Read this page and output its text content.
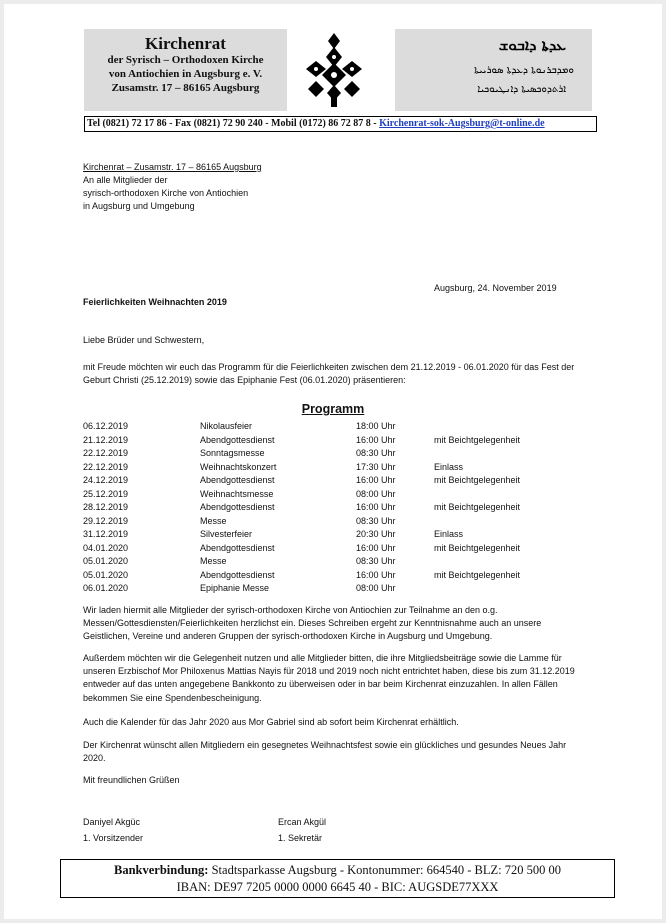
Kirchenrat
der Syrisch – Orthodoxen Kirche
von Antiochien in Augsburg e. V.
Zusamstr. 17 – 86165 Augsburg
ܥܕܬܐ ܕܐܒܘܫ
ܘܡܕܒܪܢܘܬܐ ܕܥܕܬܐ ܣܘܪܝܝܬܐ
ܐܪܬܕܘܟܣܝܬܐ ܕܐܢܛܝܘܟܝܐ
Tel (0821) 72 17 86 - Fax (0821) 72 90 240 - Mobil (0172) 86 72 87 8 - Kirchenrat-sok-Augsburg@t-online.de
Kirchenrat – Zusamstr. 17 – 86165 Augsburg
An alle Mitglieder der
syrisch-orthodoxen Kirche von Antiochien
in Augsburg und Umgebung
Augsburg, 24. November 2019
Feierlichkeiten Weihnachten 2019
Liebe Brüder und Schwestern,
mit Freude möchten wir euch das Programm für die Feierlichkeiten zwischen dem 21.12.2019 - 06.01.2020 für das Fest der Geburt Christi (25.12.2019) sowie das Epiphanie Fest (06.01.2020) präsentieren:
Programm
06.12.2019	Nikolausfeier	18:00 Uhr
21.12.2019	Abendgottesdienst	16:00 Uhr	mit Beichtgelegenheit
22.12.2019	Sonntagsmesse	08:30 Uhr
22.12.2019	Weihnachtskonzert	17:30 Uhr	Einlass
24.12.2019	Abendgottesdienst	16:00 Uhr	mit Beichtgelegenheit
25.12.2019	Weihnachtsmesse	08:00 Uhr
28.12.2019	Abendgottesdienst	16:00 Uhr	mit Beichtgelegenheit
29.12.2019	Messe	08:30 Uhr
31.12.2019	Silvesterfeier	20:30 Uhr	Einlass
04.01.2020	Abendgottesdienst	16:00 Uhr	mit Beichtgelegenheit
05.01.2020	Messe	08:30 Uhr
05.01.2020	Abendgottesdienst	16:00 Uhr	mit Beichtgelegenheit
06.01.2020	Epiphanie Messe	08:00 Uhr
Wir laden hiermit alle Mitglieder der syrisch-orthodoxen Kirche von Antiochien zur Teilnahme an den o.g. Messen/Gottesdiensten/Feierlichkeiten herzlichst ein. Dieses Schreiben ergeht zur Kenntnisnahme auch an unsere Geistlichen, Vereine und anderen Gruppen der syrisch-orthodoxen Kirche in Augsburg und Umgebung.
Außerdem möchten wir die Gelegenheit nutzen und alle Mitglieder bitten, die ihre Mitgliedsbeiträge sowie die Lamme für unseren Erzbischof Mor Philoxenus Mattias Nayis für 2018 und 2019 noch nicht entrichtet haben, diese bis zum 31.12.2019 entweder auf das unten angegebene Bankkonto zu überweisen oder in bar beim Kirchenrat einzuzahlen. In allen Fällen bekommen Sie eine Spendenbescheinigung.
Auch die Kalender für das Jahr 2020 aus Mor Gabriel sind ab sofort beim Kirchenrat erhältlich.
Der Kirchenrat wünscht allen Mitgliedern ein gesegnetes Weihnachtsfest sowie ein glückliches und gesundes Neues Jahr 2020.
Mit freundlichen Grüßen
Daniyel Akgüc
1. Vorsitzender
Ercan Akgül
1. Sekretär
Bankverbindung: Stadtsparkasse Augsburg - Kontonummer: 664540 - BLZ: 720 500 00
IBAN: DE97 7205 0000 0000 6645 40 - BIC: AUGSDE77XXX
